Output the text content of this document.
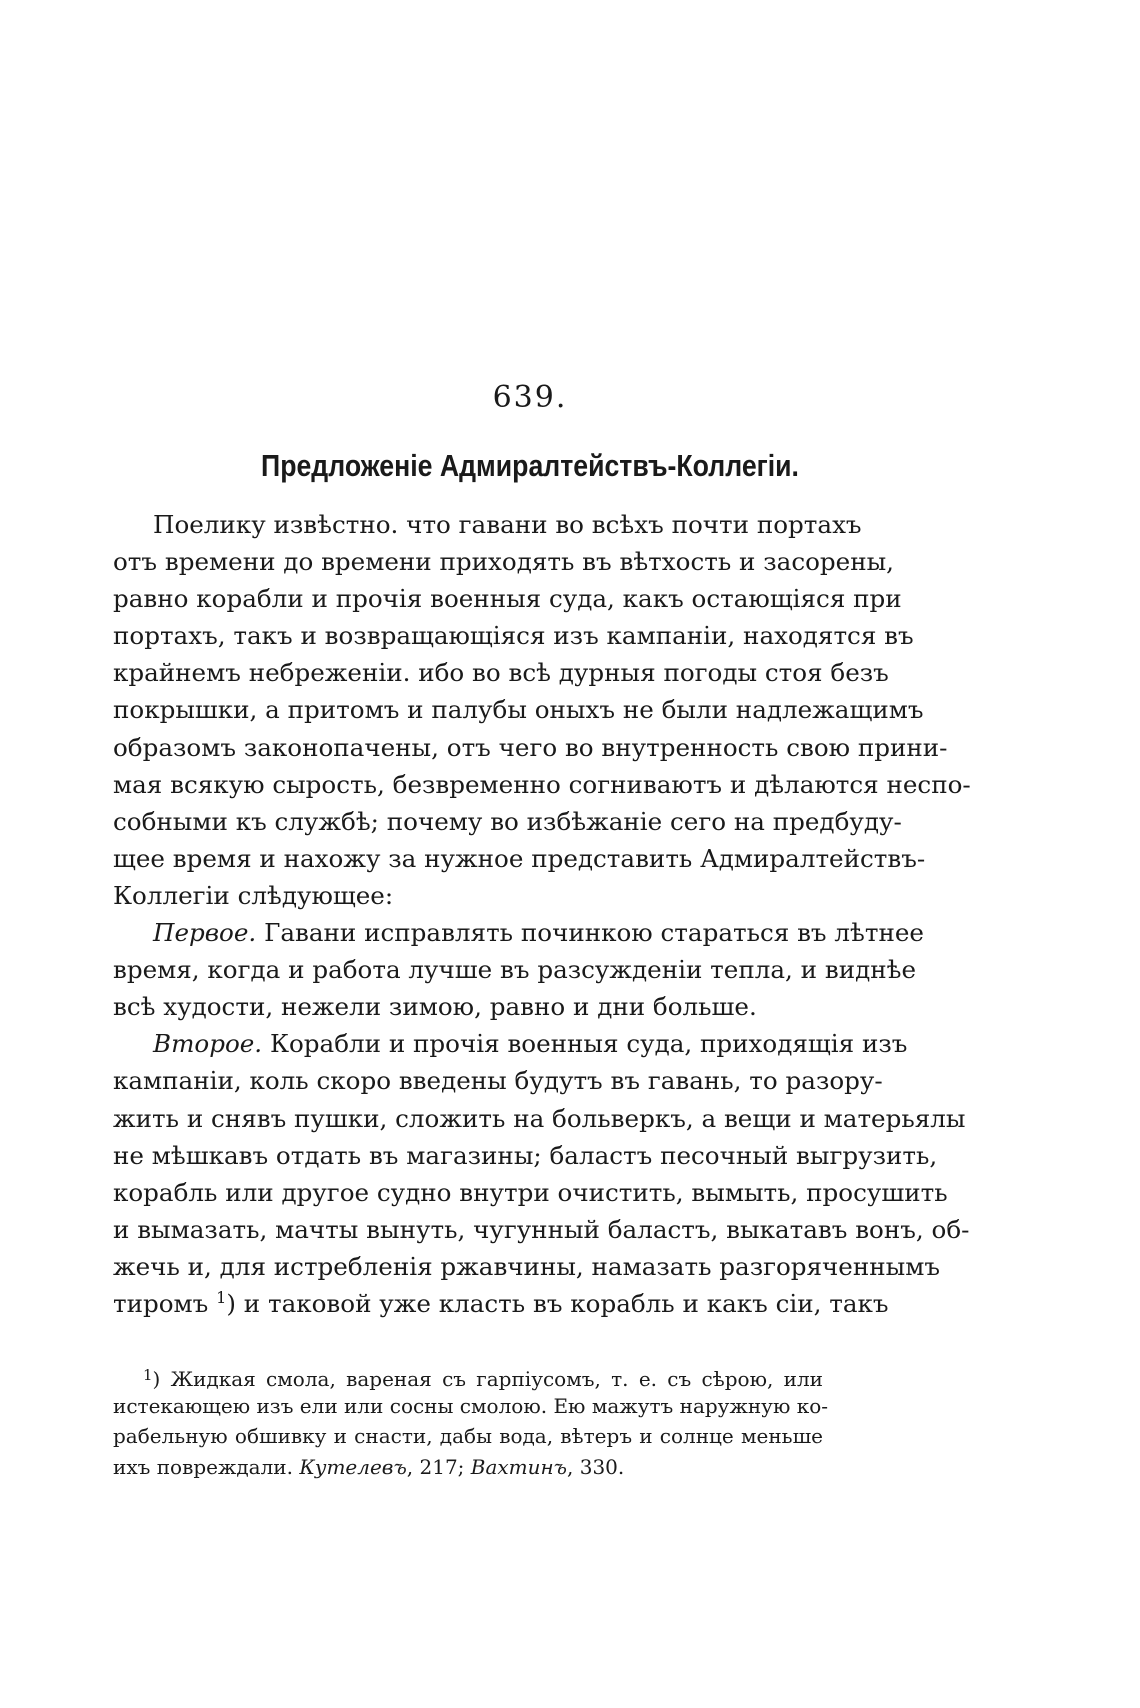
639.
Предложеніе Адмиралтействъ-Коллегіи.
Поелику извѣстно. что гавани во всѣхъ почти портахъ
отъ времени до времени приходять въ вѣтхость и засорены,
равно корабли и прочія военныя суда, какъ остающіяся при
портахъ, такъ и возвращающіяся изъ кампаніи, находятся въ
крайнемъ небреженіи. ибо во всѣ дурныя погоды стоя безъ
покрышки, а притомъ и палубы оныхъ не были надлежащимъ
образомъ законопачены, отъ чего во внутренность свою прини-
мая всякую сырость, безвременно согниваютъ и дѣлаются неспо-
собными къ службѣ; почему во избѣжаніе сего на предбуду-
щее время и нахожу за нужное представить Адмиралтействъ-
Коллегіи слѣдующее:
Первое. Гавани исправлять починкою стараться въ лѣтнее
время, когда и работа лучше въ разсужденіи тепла, и виднѣе
всѣ худости, нежели зимою, равно и дни больше.
Второе. Корабли и прочія военныя суда, приходящія изъ
кампаніи, коль скоро введены будутъ въ гавань, то разору-
жить и снявъ пушки, сложить на больверкъ, а вещи и матерьялы
не мѣшкавъ отдать въ магазины; баластъ песочный выгрузить,
корабль или другое судно внутри очистить, вымыть, просушить
и вымазать, мачты вынуть, чугунный баластъ, выкатавъ вонъ, об-
жечь и, для истребленія ржавчины, намазать разгоряченнымъ
тиромъ $^1$) и таковой уже класть въ корабль и какъ сіи, такъ
$^1$) Жидкая смола, вареная съ гарпіусомъ, т. е. съ сѣрою, или
истекающею изъ ели или сосны смолою. Ею мажутъ наружную ко-
рабельную обшивку и снасти, дабы вода, вѣтеръ и солнце меньше
ихъ повреждали. Кутелевъ, 217; Вахтинъ, 330.
